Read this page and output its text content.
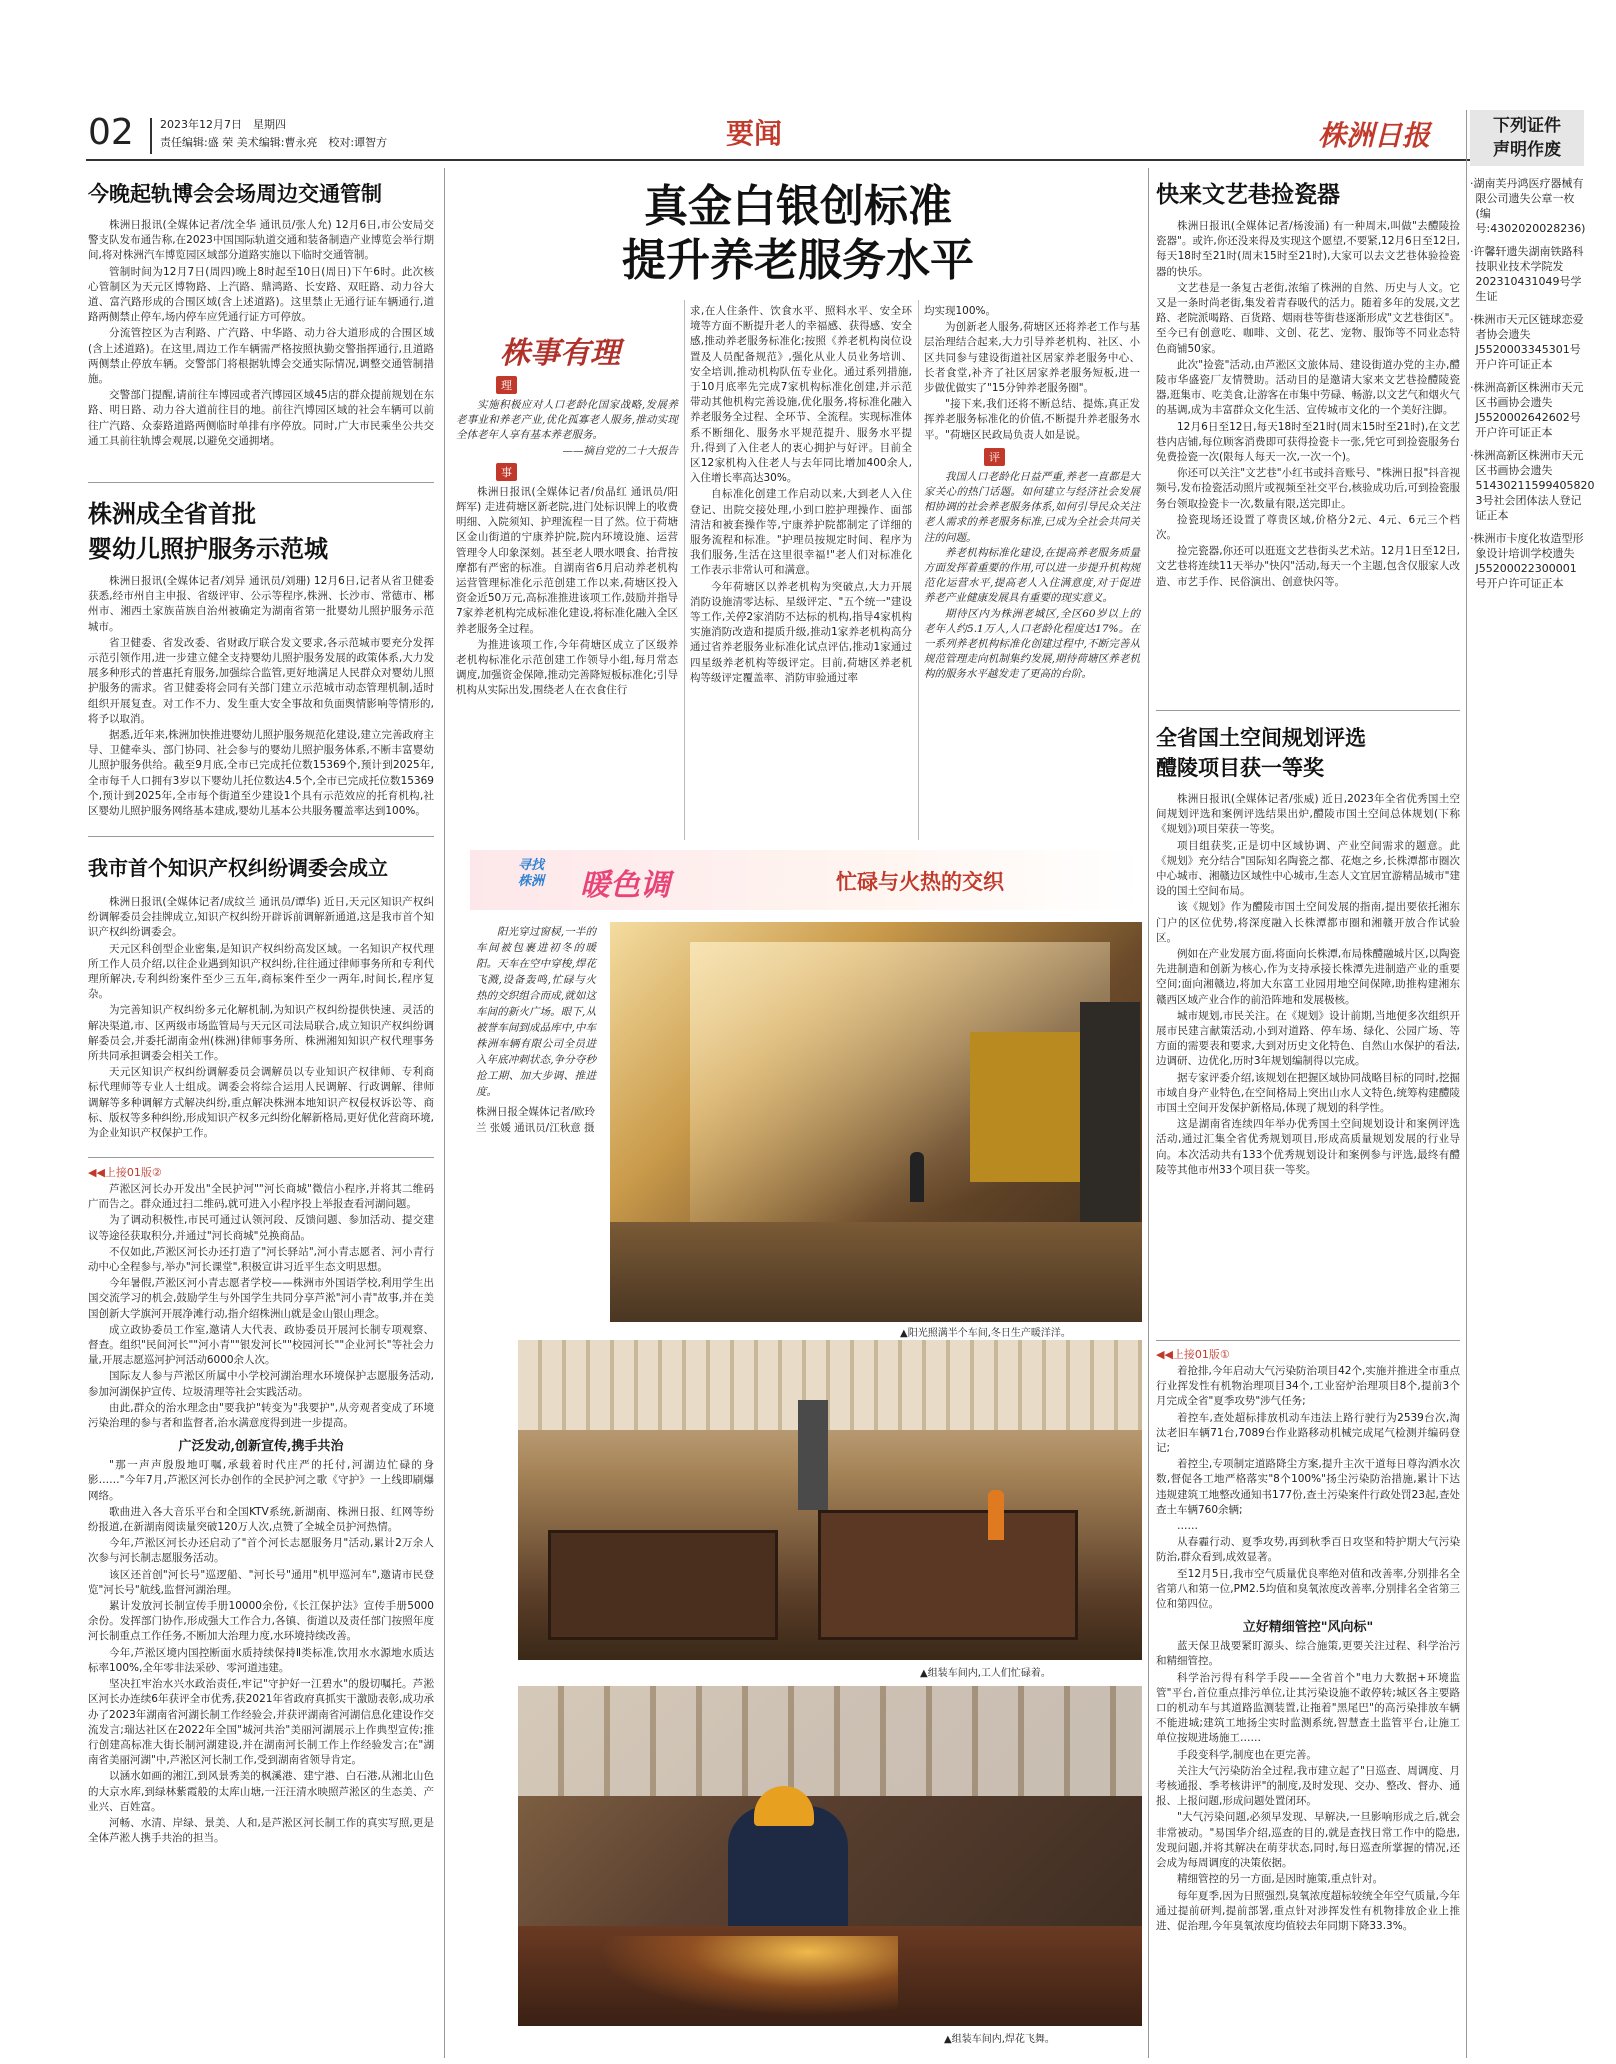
02 2023年12月7日　星期四
责任编辑:盛 荣 美术编辑:曹永亮　校对:谭智方	要闻	株洲日报	下列证件
声明作废
·湖南芙丹鸿医疗器械有限公司遗失公章一枚(编号:4302020028236)
·许馨轩遗失湖南铁路科技职业技术学院发202310431049号学生证
·株洲市天元区链球恋爱者协会遗失J5520003345301号开户许可证正本
·株洲高新区株洲市天元区书画协会遗失J5520002642602号开户许可证正本
·株洲高新区株洲市天元区书画协会遗失51430211599405820 3号社会团体法人登记证正本
·株洲市卡度化妆造型形象设计培训学校遗失J55200022300001号开户许可证正本
今晚起轨博会会场周边交通管制

株洲日报讯(全媒体记者/沈全华 通讯员/张人允) 12月6日,市公安局交警支队发布通告称,在2023中国国际轨道交通和装备制造产业博览会举行期间,将对株洲汽车博览园区域部分道路实施以下临时交通管制。

管制时间为12月7日(周四)晚上8时起至10日(周日)下午6时。此次核心管制区为天元区博物路、上汽路、鼎鸿路、长安路、双旺路、动力谷大道、富汽路形成的合围区域(含上述道路)。这里禁止无通行证车辆通行,道路两侧禁止停车,场内停车应凭通行证方可停放。

分流管控区为吉利路、广汽路、中华路、动力谷大道形成的合围区域(含上述道路)。在这里,周边工作车辆需严格按照执勤交警指挥通行,且道路两侧禁止停放车辆。交警部门将根据轨博会交通实际情况,调整交通管制措施。

交警部门提醒,请前往车博园或者汽博园区域45店的群众提前规划在东路、明日路、动力谷大道前往目的地。前往汽博园区域的社会车辆可以前往广汽路、众泰路道路两侧临时单排有序停放。同时,广大市民乘坐公共交通工具前往轨博会观展,以避免交通拥堵。

株洲成全省首批
婴幼儿照护服务示范城

株洲日报讯(全媒体记者/刘异 通讯员/刘珊) 12月6日,记者从省卫健委获悉,经市州自主申报、省级评审、公示等程序,株洲、长沙市、常德市、郴州市、湘西土家族苗族自治州被确定为湖南省第一批婴幼儿照护服务示范城市。

省卫健委、省发改委、省财政厅联合发文要求,各示范城市要充分发挥示范引领作用,进一步建立健全支持婴幼儿照护服务发展的政策体系,大力发展多种形式的普惠托育服务,加强综合监管,更好地满足人民群众对婴幼儿照护服务的需求。省卫健委将会同有关部门建立示范城市动态管理机制,适时组织开展复查。对工作不力、发生重大安全事故和负面舆情影响等情形的,将予以取消。

据悉,近年来,株洲加快推进婴幼儿照护服务规范化建设,建立完善政府主导、卫健牵头、部门协同、社会参与的婴幼儿照护服务体系,不断丰富婴幼儿照护服务供给。截至9月底,全市已完成托位数15369个,预计到2025年,全市每千人口拥有3岁以下婴幼儿托位数达4.5个,全市已完成托位数15369个,预计到2025年,全市每个街道至少建设1个具有示范效应的托育机构,社区婴幼儿照护服务网络基本建成,婴幼儿基本公共服务覆盖率达到100%。

我市首个知识产权纠纷调委会成立

株洲日报讯(全媒体记者/成纹兰 通讯员/谭华) 近日,天元区知识产权纠纷调解委员会挂牌成立,知识产权纠纷开辟诉前调解新通道,这是我市首个知识产权纠纷调委会。

天元区科创型企业密集,是知识产权纠纷高发区域。一名知识产权代理所工作人员介绍,以往企业遇到知识产权纠纷,往往通过律师事务所和专利代理所解决,专利纠纷案件至少三五年,商标案件至少一两年,时间长,程序复杂。

为完善知识产权纠纷多元化解机制,为知识产权纠纷提供快速、灵活的解决渠道,市、区两级市场监管局与天元区司法局联合,成立知识产权纠纷调解委员会,并委托湖南金州(株洲)律师事务所、株洲湘知知识产权代理事务所共同承担调委会相关工作。

天元区知识产权纠纷调解委员会调解员以专业知识产权律师、专利商标代理师等专业人士组成。调委会将综合运用人民调解、行政调解、律师调解等多种调解方式解决纠纷,重点解决株洲本地知识产权侵权诉讼等、商标、版权等多种纠纷,形成知识产权多元纠纷化解新格局,更好优化营商环境,为企业知识产权保护工作。

◀◀上接01版②

芦淞区河长办开发出"全民护河""河长商城"微信小程序,并将其二维码广而告之。群众通过扫二维码,就可进入小程序投上举报查看河湖问题。

为了调动积极性,市民可通过认领河段、反馈问题、参加活动、提交建议等途径获取积分,并通过"河长商城"兑换商品。

不仅如此,芦淞区河长办还打造了"河长驿站",河小青志愿者、河小青行动中心全程参与,举办"河长课堂",积极宣讲习近平生态文明思想。

今年暑假,芦淞区河小青志愿者学校——株洲市外国语学校,利用学生出国交流学习的机会,鼓励学生与外国学生共同分享芦淞"河小青"故事,并在美国创新大学旗河开展净滩行动,指介绍株洲山就是金山银山理念。

成立政协委员工作室,邀请人大代表、政协委员开展河长制专项观察、督查。组织"民间河长""河小青""银发河长""校园河长""企业河长"等社会力量,开展志愿巡河护河活动6000余人次。

国际友人参与芦淞区所属中小学校河湖治理水环境保护志愿服务活动,参加河湖保护宣传、垃圾清理等社会实践活动。

由此,群众的治水理念由"要我护"转变为"我要护",从旁观者变成了环境污染治理的参与者和监督者,治水满意度得到进一步提高。

广泛发动,创新宣传,携手共治

"那一声声殷殷地叮嘱,承载着时代庄严的托付,河湖边忙碌的身影……"今年7月,芦淞区河长办创作的全民护河之歌《守护》一上线即刷爆网络。

歌曲进入各大音乐平台和全国KTV系统,新湖南、株洲日报、红网等纷纷报道,在新湖南阅读量突破120万人次,点赞了全城全员护河热情。

今年,芦淞区河长办还启动了"首个河长志愿服务月"活动,累计2万余人次参与河长制志愿服务活动。

该区还首创"河长号"巡逻船、"河长号"通用"机甲巡河车",邀请市民登览"河长号"航线,监督河湖治理。

累计发放河长制宣传手册10000余份,《长江保护法》宣传手册5000余份。发挥部门协作,形成强大工作合力,各镇、街道以及责任部门按照年度河长制重点工作任务,不断加大治理力度,水环境持续改善。

今年,芦淞区境内国控断面水质持续保持Ⅱ类标准,饮用水水源地水质达标率100%,全年零非法采砂、零河道违建。

坚决扛牢治水兴水政治责任,牢记"守护好一江碧水"的殷切嘱托。芦淞区河长办连续6年获评全市优秀,获2021年省政府真抓实干激励表彰,成功承办了2023年湖南省河湖长制工作经验会,并获评湖南省河湖信息化建设作交流发言;瑞达社区在2022年全国"城河共治"美丽河湖展示上作典型宣传;推行创建高标准大街长制河湖建设,并在湖南河长制工作上作经验发言;在"湖南省美丽河湖"中,芦淞区河长制工作,受到湖南省领导肯定。

以涵水如画的湘江,到风景秀美的枫溪港、建宁港、白石港,从湘北山色的大京水库,到绿林紫霞般的太库山塘,一汪汪清水映照芦淞区的生态美、产业兴、百姓富。

河畅、水清、岸绿、景美、人和,是芦淞区河长制工作的真实写照,更是全体芦淞人携手共治的担当。

真金白银创标准
提升养老服务水平
株事有理
理

实施积极应对人口老龄化国家战略,发展养老事业和养老产业,优化孤寡老人服务,推动实现全体老年人享有基本养老服务。

——摘自党的二十大报告

事

株洲日报讯(全媒体记者/贠晶红 通讯员/阳辉军) 走进荷塘区新老院,进门处标识牌上的收费明细、入院须知、护理流程一目了然。位于荷塘区金山街道的宁康养护院,院内环境设施、运营管理令人印象深刻。甚至老人喂水喂食、抬背按摩都有严密的标准。自湖南省6月启动养老机构运营管理标准化示范创建工作以来,荷塘区投入资金近50万元,高标准推进该项工作,鼓励并指导7家养老机构完成标准化建设,将标准化融入全区养老服务全过程。

为推进该项工作,今年荷塘区成立了区级养老机构标准化示范创建工作领导小组,每月常态调度,加强资金保障,推动完善降短板标准化;引导机构从实际出发,围绕老人在衣食住行

求,在人住条件、饮食水平、照料水平、安全环境等方面不断提升老人的幸福感、获得感、安全感,推动养老服务标准化;按照《养老机构岗位设置及人员配备规范》,强化从业人员业务培训、安全培训,推动机构队伍专业化。通过系列措施,于10月底率先完成7家机构标准化创建,并示范带动其他机构完善设施,优化服务,将标准化融入养老服务全过程、全环节、全流程。实现标准体系不断细化、服务水平规范提升、服务水平提升,得到了入住老人的衷心拥护与好评。目前全区12家机构入住老人与去年同比增加400余人,入住增长率高达30%。

自标准化创建工作启动以来,大到老人入住登记、出院交接处理,小到口腔护理操作、面部清洁和被套操作等,宁康养护院都制定了详细的服务流程和标准。"护理员按规定时间、程序为我们服务,生活在这里很幸福!"老人们对标准化工作表示非常认可和满意。

今年荷塘区以养老机构为突破点,大力开展消防设施清零达标、星级评定、"五个统一"建设等工作,关停2家消防不达标的机构,指导4家机构实施消防改造和提质升级,推动1家养老机构高分通过省养老服务业标准化试点评估,推动1家通过四星级养老机构等级评定。目前,荷塘区养老机构等级评定覆盖率、消防审验通过率

均实现100%。

为创新老人服务,荷塘区还将养老工作与基层治理结合起来,大力引导养老机构、社区、小区共同参与建设街道社区居家养老服务中心、长者食堂,补齐了社区居家养老服务短板,进一步做优做实了"15分钟养老服务圈"。

"接下来,我们还将不断总结、提炼,真正发挥养老服务标准化的价值,不断提升养老服务水平。"荷塘区民政局负责人如是说。

评

我国人口老龄化日益严重,养老一直都是大家关心的热门话题。如何建立与经济社会发展相协调的社会养老服务体系,如何引导民众关注老人需求的养老服务标准,已成为全社会共同关注的问题。

养老机构标准化建设,在提高养老服务质量方面发挥着重要的作用,可以进一步提升机构规范化运营水平,提高老人入住满意度,对于促进养老产业健康发展具有重要的现实意义。

期待区内为株洲老城区,全区60岁以上的老年人约5.1万人,人口老龄化程度达17%。在一系列养老机构标准化创建过程中,不断完善从规范管理走向机制集约发展,期待荷塘区养老机构的服务水平越发走了更高的台阶。

寻找
株洲 暖色调	忙碌与火热的交织

阳光穿过窗棂,一半的车间被包裹进初冬的暖阳。天车在空中穿梭,焊花飞溅,设备轰鸣,忙碌与火热的交织组合而成,就如这车间的新火广场。眼下,从被誉车间到成品库中,中车株洲车辆有限公司全员进入年底冲刺状态,争分夺秒抢工期、加大步调、推进度。

株洲日报全媒体记者/欧玲兰 张媛 通讯员/江秋意 摄

▲阳光照满半个车间,冬日生产暖洋洋。
▲组装车间内,工人们忙碌着。
▲组装车间内,焊花飞舞。
快来文艺巷捡瓷器

株洲日报讯(全媒体记者/杨浚涌) 有一种周末,叫做"去醴陵捡瓷器"。或许,你还没来得及实现这个愿望,不要紧,12月6日至12日,每天18时至21时(周末15时至21时),大家可以去文艺巷体验捡瓷器的快乐。

文艺巷是一条复古老街,浓缩了株洲的自然、历史与人文。它又是一条时尚老街,集发着青春吸代的活力。随着多年的发展,文艺路、老院派喝路、百货路、烟雨巷等街巷逐渐形成"文艺巷街区"。至今已有创意吃、咖啡、文创、花艺、宠物、服饰等不同业态特色商铺50家。

此次"捡瓷"活动,由芦淞区文旅体局、建设街道办党的主办,醴陵市华盛瓷厂友情赞助。活动目的是邀请大家来文艺巷捡醴陵瓷器,逛集市、吃美食,让游客在市集中劳碌、畅游,以文艺气和烟火气的基调,成为丰富群众文化生活、宣传城市文化的一个美好注脚。

12月6日至12日,每天18时至21时(周末15时至21时),在文艺巷内店铺,每位顾客消费即可获得捡瓷卡一张,凭它可到捡瓷服务台免费捡瓷一次(限每人每天一次,一次一个)。

你还可以关注"文艺巷"小红书或抖音账号、"株洲日报"抖音视频号,发布捡瓷活动照片或视频至社交平台,核验成功后,可到捡瓷服务台领取捡瓷卡一次,数量有限,送完即止。

捡瓷现场还设置了尊贵区域,价格分2元、4元、6元三个档次。

捡完瓷器,你还可以逛逛文艺巷街头艺术站。12月1日至12日,文艺巷将连续11天举办"快闪"活动,每天一个主题,包含仅服家人改造、市艺手作、民俗演出、创意快闪等。

全省国土空间规划评选
醴陵项目获一等奖

株洲日报讯(全媒体记者/张威) 近日,2023年全省优秀国土空间规划评选和案例评选结果出炉,醴陵市国土空间总体规划(下称《规划》)项目荣获一等奖。

项目组获奖,正是切中区域协调、产业空间需求的题意。此《规划》充分结合"国际知名陶瓷之都、花炮之乡,长株潭都市圈次中心城市、湘赣边区域性中心城市,生态人文宜居宜游精品城市"建设的国土空间布局。

该《规划》作为醴陵市国土空间发展的指南,提出要依托湘东门户的区位优势,将深度融入长株潭都市圈和湘赣开放合作试验区。

例如在产业发展方面,将面向长株潭,布局株醴融城片区,以陶瓷先进制造和创新为核心,作为支持承接长株潭先进制造产业的重要空间;面向湘赣边,将加大东富工业园用地空间保障,助推构建湘东赣西区域产业合作的前沿阵地和发展极核。

城市规划,市民关注。在《规划》设计前期,当地便多次组织开展市民建言献策活动,小到对道路、停车场、绿化、公园广场、等方面的需要表和要求,大到对历史文化特色、自然山水保护的看法,边调研、边优化,历时3年规划编制得以完成。

据专家评委介绍,该规划在把握区域协同战略目标的同时,挖掘市域自身产业特色,在空间格局上突出山水人文特色,统筹构建醴陵市国土空间开发保护新格局,体现了规划的科学性。

这是湖南省连续四年举办优秀国土空间规划设计和案例评选活动,通过汇集全省优秀规划项目,形成高质量规划发展的行业导向。本次活动共有133个优秀规划设计和案例参与评选,最终有醴陵等其他市州33个项目获一等奖。

◀◀上接01版①

着抢排,今年启动大气污染防治项目42个,实施并推进全市重点行业挥发性有机物治理项目34个,工业窑炉治理项目8个,提前3个月完成全省"夏季攻势"涉气任务;

着控车,查处超标排放机动车违法上路行驶行为2539台次,淘汰老旧车辆71台,7089台作业路移动机械完成尾气检测并编码登记;

着控尘,专项制定道路降尘方案,提升主次干道每日尊沟洒水次数,督促各工地严格落实"8个100%"扬尘污染防治措施,累计下达违规建筑工地整改通知书177份,查土污染案件行政处罚23起,查处查土车辆760余辆;

……

从春霾行动、夏季攻势,再到秋季百日攻坚和特护期大气污染防治,群众看到,成效显著。

至12月5日,我市空气质量优良率绝对值和改善率,分别排名全省第八和第一位,PM2.5均值和臭氧浓度改善率,分别排名全省第三位和第四位。

立好精细管控"风向标"

蓝天保卫战要紧盯源头、综合施策,更要关注过程、科学治污和精细管控。

科学治污得有科学手段——全省首个"电力大数据+环境监管"平台,首位重点排污单位,让其污染设施不敢停转;城区各主要路口的机动车与其道路监测装置,让拖着"黑尾巴"的高污染排放车辆不能进城;建筑工地扬尘实时监测系统,智慧查土监管平台,让施工单位按规进场施工……

手段变科学,制度也在更完善。

关注大气污染防治全过程,我市建立起了"日巡查、周调度、月考核通报、季考核讲评"的制度,及时发现、交办、整改、督办、通报、上报问题,形成问题处置闭环。

"大气污染问题,必须早发现、早解决,一旦影响形成之后,就会非常被动。"易国华介绍,巡查的目的,就是查找日常工作中的隐患,发现问题,并将其解决在萌芽状态,同时,每日巡查所掌握的情况,还会成为每周调度的决策依据。

精细管控的另一方面,是因时施策,重点针对。

每年夏季,因为日照强烈,臭氧浓度超标较统全年空气质量,今年通过提前研判,提前部署,重点针对涉挥发性有机物排放企业上推进、促治理,今年臭氧浓度均值较去年同期下降33.3%。
